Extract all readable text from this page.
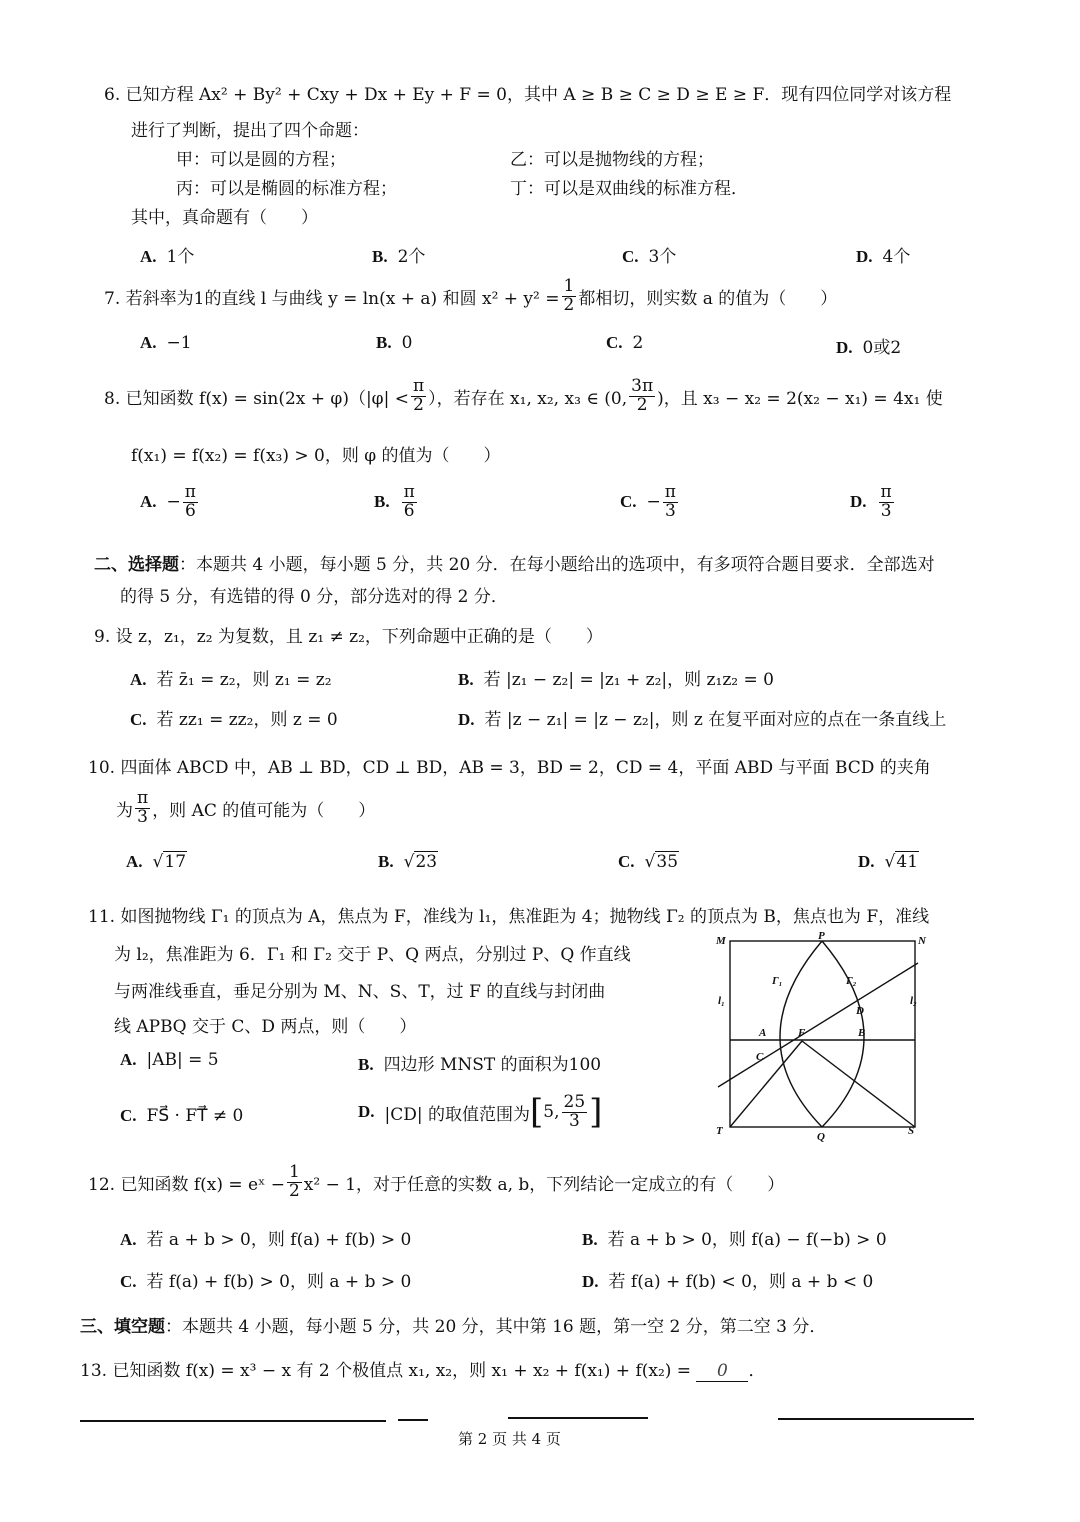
6. 已知方程 Ax² + By² + Cxy + Dx + Ey + F = 0，其中 A ≥ B ≥ C ≥ D ≥ E ≥ F．现有四位同学对该方程
进行了判断，提出了四个命题：
甲：可以是圆的方程；	乙：可以是抛物线的方程；
丙：可以是椭圆的标准方程；	丁：可以是双曲线的标准方程．
其中，真命题有（　　）
A. 1个	B. 2个	C. 3个	D. 4个
7. 若斜率为1的直线 l 与曲线 y = ln(x + a) 和圆 $x^2 + y^2 = \frac{1}{2}$ 都相切，则实数 a 的值为（　　）
A. −1	B. 0	C. 2	D. 0或2
8. 已知函数 $f(x) = \sin(2x + \varphi)(|\varphi| < \frac{\pi}{2}$ ），若存在 x₁, x₂, x₃ ∈ (0, $\frac{3\pi}{2}$ )，且 x₃ − x₂ = 2(x₂ − x₁) = 4x₁ 使
f(x₁) = f(x₂) = f(x₃) > 0，则 φ 的值为（　　）
A. − $\frac{\pi}{6}$	B. $\frac{\pi}{6}$	C. − $\frac{\pi}{3}$	D. $\frac{\pi}{3}$
二、选择题：本题共 4 小题，每小题 5 分，共 20 分．在每小题给出的选项中，有多项符合题目要求．全部选对
的得 5 分，有选错的得 0 分，部分选对的得 2 分．
9. 设 z，z₁，z₂ 为复数，且 z₁ ≠ z₂，下列命题中正确的是（　　）
A. 若 z̄₁ = z₂，则 z₁ = z₂	B. 若 |z₁ − z₂| = |z₁ + z₂|，则 z₁z₂ = 0
C. 若 zz₁ = zz₂，则 z = 0	D. 若 |z − z₁| = |z − z₂|，则 z 在复平面对应的点在一条直线上
10. 四面体 ABCD 中，AB ⊥ BD，CD ⊥ BD，AB = 3，BD = 2，CD = 4，平面 ABD 与平面 BCD 的夹角
为 $\frac{\pi}{3}$ ，则 AC 的值可能为（　　）
A. √17	B. √23	C. √35	D. √41
11. 如图抛物线 Γ₁ 的顶点为 A，焦点为 F，准线为 l₁，焦准距为 4；抛物线 Γ₂ 的顶点为 B，焦点也为 F，准线
为 l₂，焦准距为 6．Γ₁ 和 Γ₂ 交于 P、Q 两点，分别过 P、Q 作直线
与两准线垂直，垂足分别为 M、N、S、T，过 F 的直线与封闭曲
线 APBQ 交于 C、D 两点，则（　　）
A. |AB| = 5	B. 四边形 MNST 的面积为100
C. FS⃗ · FT⃗ ≠ 0	D. |CD| 的取值范围为 [ 5, $\frac{25}{3}$ ]
M	P	N
Γ₁	Γ₂
l₁	l₂
D
A	F	B
C
T	Q	S
12. 已知函数 f(x) = eˣ − $\frac{1}{2} x^2 - 1$，对于任意的实数 a, b，下列结论一定成立的有（　　）
A. 若 a + b > 0，则 f(a) + f(b) > 0	B. 若 a + b > 0，则 f(a) − f(−b) > 0
C. 若 f(a) + f(b) > 0，则 a + b > 0	D. 若 f(a) + f(b) < 0，则 a + b < 0
三、填空题：本题共 4 小题，每小题 5 分，共 20 分，其中第 16 题，第一空 2 分，第二空 3 分．
13. 已知函数 f(x) = x³ − x 有 2 个极值点 x₁, x₂，则 x₁ + x₂ + f(x₁) + f(x₂) = 0 ．
第 2 页 共 4 页
